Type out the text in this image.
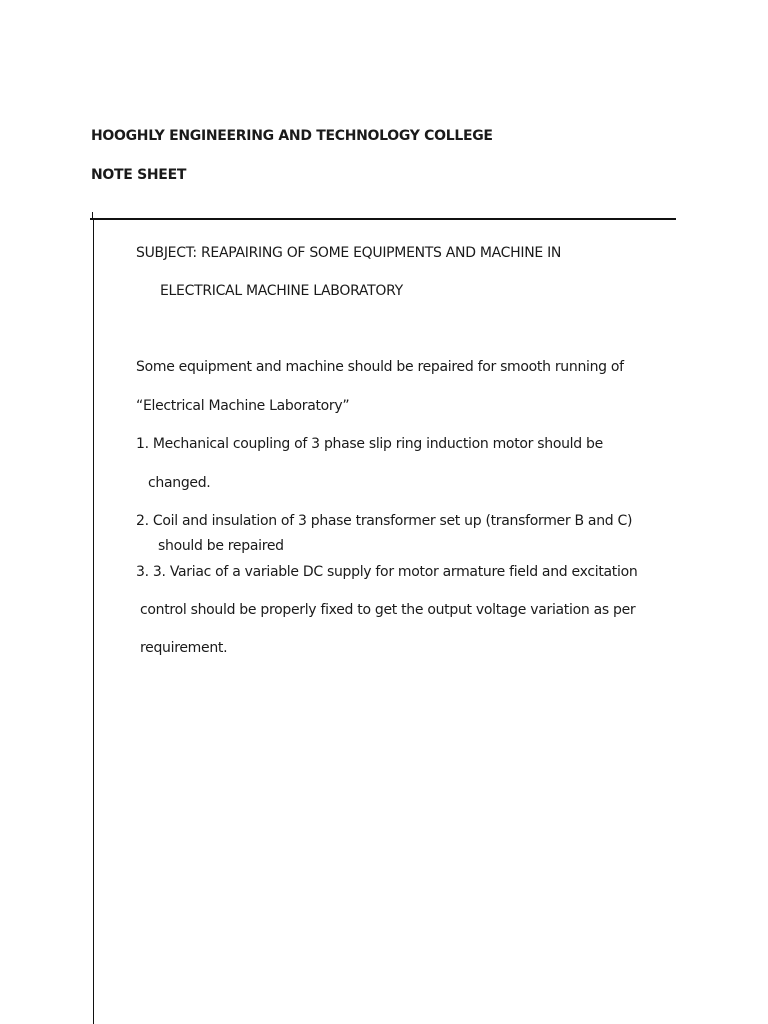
HOOGHLY ENGINEERING AND TECHNOLOGY COLLEGE
NOTE SHEET
SUBJECT: REAPAIRING OF SOME EQUIPMENTS AND MACHINE IN
ELECTRICAL MACHINE LABORATORY
Some equipment and machine should be repaired for smooth running of
“Electrical Machine Laboratory”
1. Mechanical coupling of 3 phase slip ring induction motor should be
changed.
2. Coil and insulation of 3 phase transformer set up (transformer B and C)
should be repaired
3. 3. Variac of a variable DC supply for motor armature field and excitation
control should be properly fixed to get the output voltage variation as per
requirement.
